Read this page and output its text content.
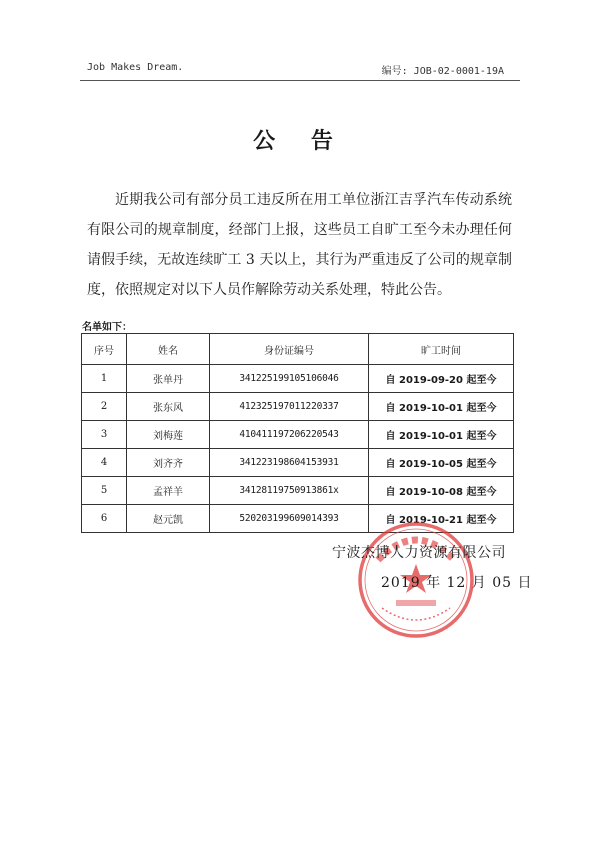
Job Makes Dream.	编号: JOB-02-0001-19A
公 告

近期我公司有部分员工违反所在用工单位浙江吉孚汽车传动系统有限公司的规章制度，经部门上报，这些员工自旷工至今未办理任何请假手续，无故连续旷工 3 天以上，其行为严重违反了公司的规章制度，依照规定对以下人员作解除劳动关系处理，特此公告。

名单如下：
序号	姓名	身份证编号	旷工时间
1	张单丹	341225199105106046	自 2019-09-20 起至今
2	张东风	412325197011220337	自 2019-10-01 起至今
3	刘梅莲	410411197206220543	自 2019-10-01 起至今
4	刘齐齐	341223198604153931	自 2019-10-05 起至今
5	孟祥羊	34128119750913861x	自 2019-10-08 起至今
6	赵元凯	520203199609014393	自 2019-10-21 起至今
宁波杰博人力资源有限公司
2019 年 12 月 05 日
